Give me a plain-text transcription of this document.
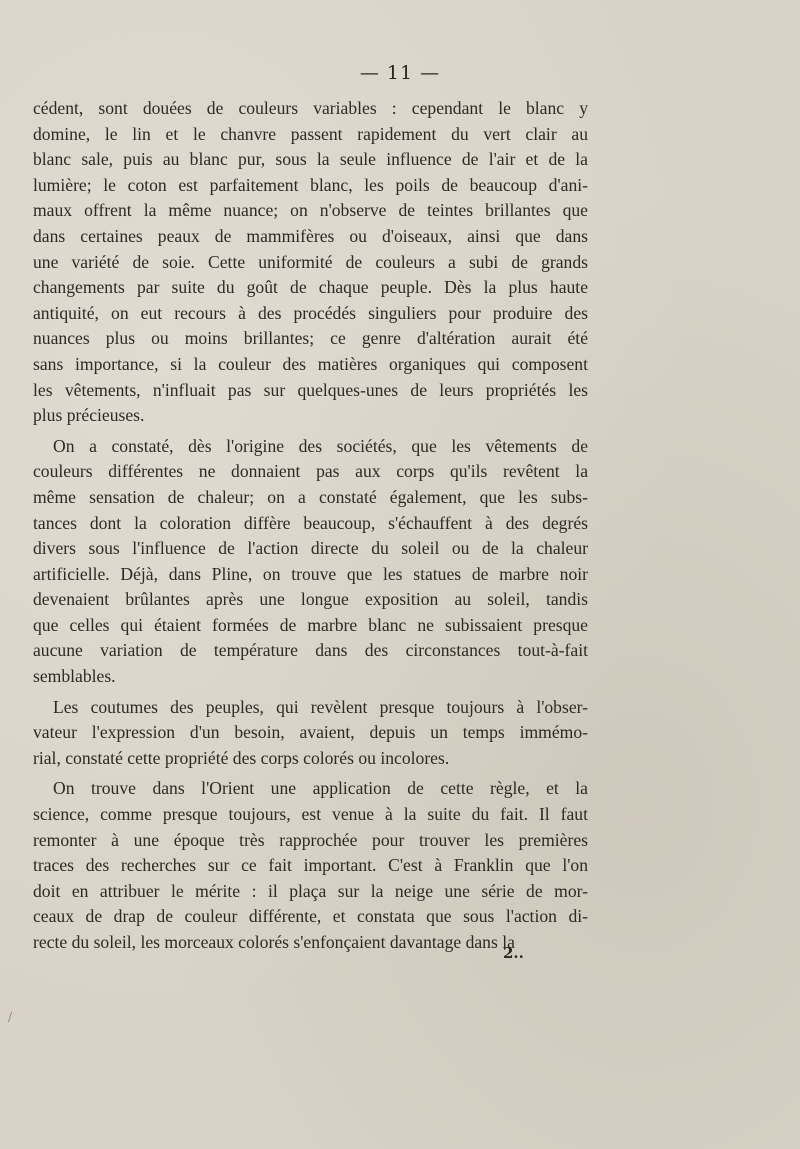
— 11 —
cédent, sont douées de couleurs variables : cependant le blanc y
domine, le lin et le chanvre passent rapidement du vert clair au
blanc sale, puis au blanc pur, sous la seule influence de l'air et de la
lumière; le coton est parfaitement blanc, les poils de beaucoup d'ani-
maux offrent la même nuance; on n'observe de teintes brillantes que
dans certaines peaux de mammifères ou d'oiseaux, ainsi que dans
une variété de soie. Cette uniformité de couleurs a subi de grands
changements par suite du goût de chaque peuple. Dès la plus haute
antiquité, on eut recours à des procédés singuliers pour produire des
nuances plus ou moins brillantes; ce genre d'altération aurait été
sans importance, si la couleur des matières organiques qui composent
les vêtements, n'influait pas sur quelques-unes de leurs propriétés les
plus précieuses.
On a constaté, dès l'origine des sociétés, que les vêtements de
couleurs différentes ne donnaient pas aux corps qu'ils revêtent la
même sensation de chaleur; on a constaté également, que les subs-
tances dont la coloration diffère beaucoup, s'échauffent à des degrés
divers sous l'influence de l'action directe du soleil ou de la chaleur
artificielle. Déjà, dans Pline, on trouve que les statues de marbre noir
devenaient brûlantes après une longue exposition au soleil, tandis
que celles qui étaient formées de marbre blanc ne subissaient presque
aucune variation de température dans des circonstances tout-à-fait
semblables.
Les coutumes des peuples, qui revèlent presque toujours à l'obser-
vateur l'expression d'un besoin, avaient, depuis un temps immémo-
rial, constaté cette propriété des corps colorés ou incolores.
On trouve dans l'Orient une application de cette règle, et la
science, comme presque toujours, est venue à la suite du fait. Il faut
remonter à une époque très rapprochée pour trouver les premières
traces des recherches sur ce fait important. C'est à Franklin que l'on
doit en attribuer le mérite : il plaça sur la neige une série de mor-
ceaux de drap de couleur différente, et constata que sous l'action di-
recte du soleil, les morceaux colorés s'enfonçaient davantage dans la
2..
/
